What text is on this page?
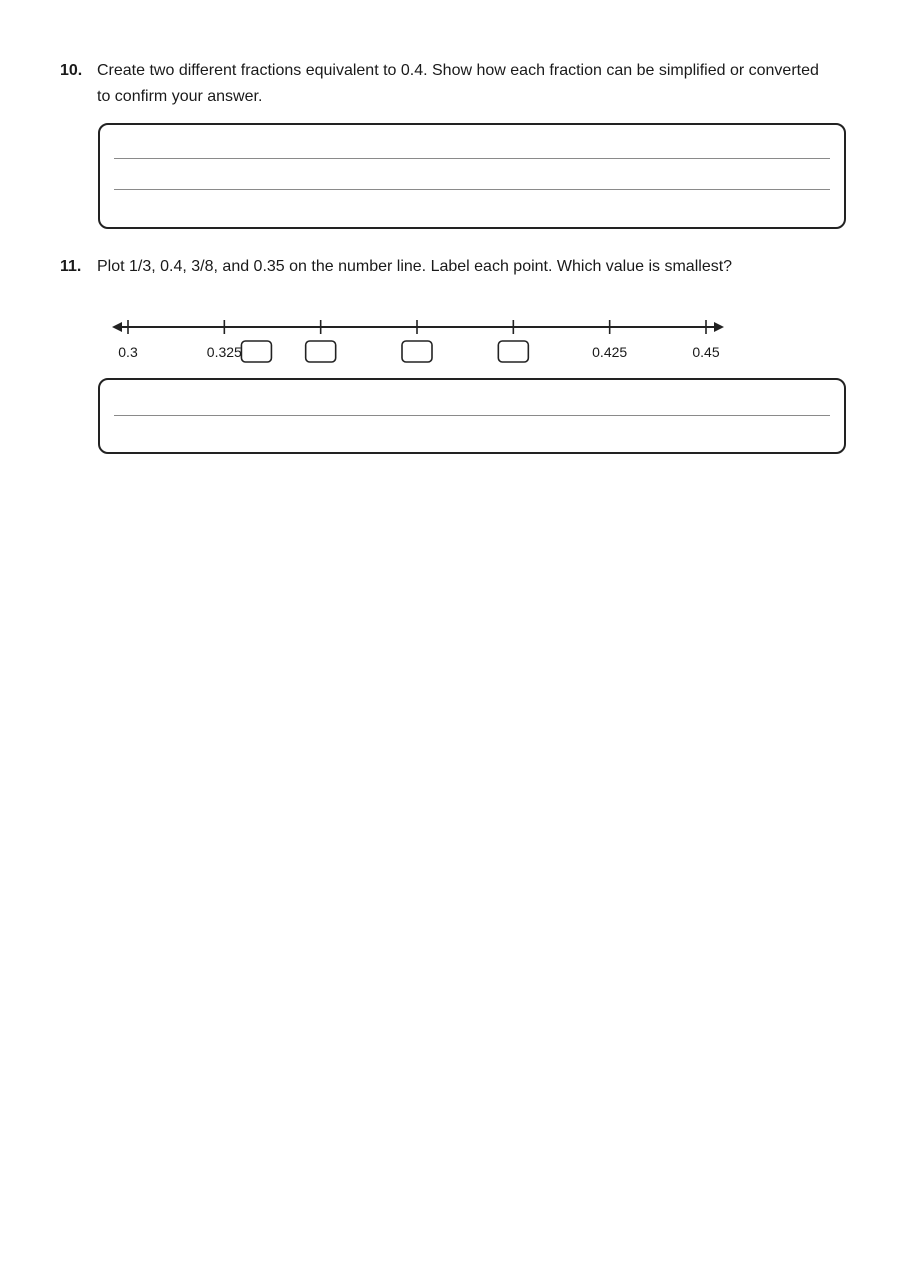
10. Create two different fractions equivalent to 0.4. Show how each fraction can be simplified or converted to confirm your answer.
11. Plot 1/3, 0.4, 3/8, and 0.35 on the number line. Label each point. Which value is smallest?
0.3	0.325	0.425	0.45
